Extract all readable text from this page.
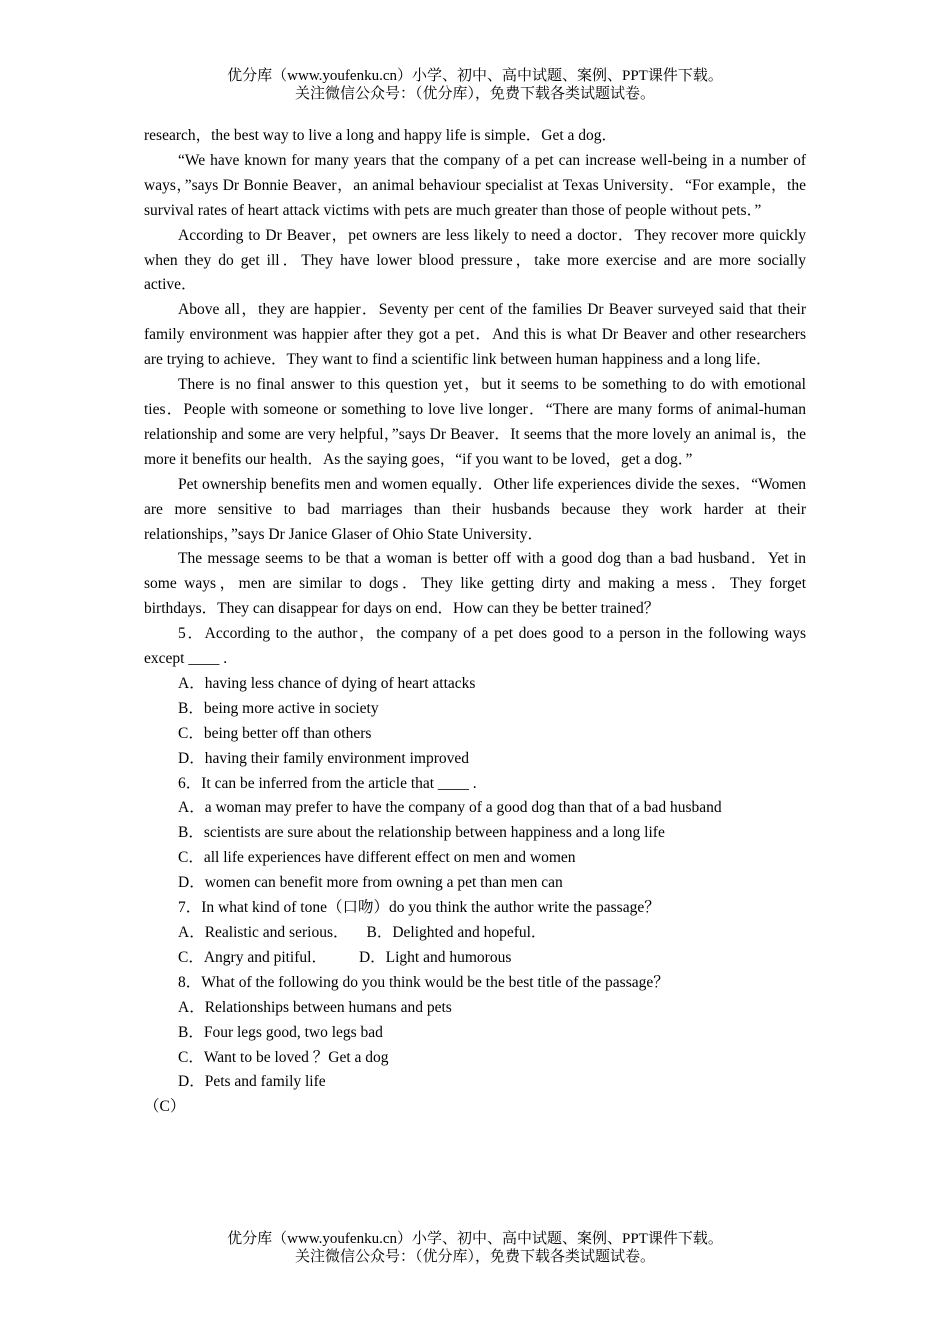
优分库（www.youfenku.cn）小学、初中、高中试题、案例、PPT课件下载。
关注微信公众号：（优分库），免费下载各类试题试卷。

research，the best way to live a long and happy life is simple．Get a dog．

“We have known for many years that the company of a pet can increase well-being in a number of ways，”says Dr Bonnie Beaver，an animal behaviour specialist at Texas University．“For example，the survival rates of heart attack victims with pets are much greater than those of people without pets．”

According to Dr Beaver，pet owners are less likely to need a doctor．They recover more quickly when they do get ill．They have lower blood pressure，take more exercise and are more socially active．

Above all，they are happier．Seventy per cent of the families Dr Beaver surveyed said that their family environment was happier after they got a pet．And this is what Dr Beaver and other researchers are trying to achieve．They want to find a scientific link between human happiness and a long life．

There is no final answer to this question yet，but it seems to be something to do with emotional ties．People with someone or something to love live longer．“There are many forms of animal-human relationship and some are very helpful，”says Dr Beaver．It seems that the more lovely an animal is，the more it benefits our health．As the saying goes，“if you want to be loved，get a dog．”

Pet ownership benefits men and women equally．Other life experiences divide the sexes．“Women are more sensitive to bad marriages than their husbands because they work harder at their relationships，”says Dr Janice Glaser of Ohio State University．

The message seems to be that a woman is better off with a good dog than a bad husband．Yet in some ways，men are similar to dogs．They like getting dirty and making a mess．They forget birthdays．They can disappear for days on end．How can they be better trained？

5．According to the author，the company of a pet does good to a person in the following ways except ____ .

A．having less chance of dying of heart attacks
B．being more active in society
C．being better off than others
D．having their family environment improved
6．It can be inferred from the article that ____ .
A．a woman may prefer to have the company of a good dog than that of a bad husband
B．scientists are sure about the relationship between happiness and a long life
C．all life experiences have different effect on men and women
D．women can benefit more from owning a pet than men can
7．In what kind of tone（口吻）do you think the author write the passage？
A．Realistic and serious． B．Delighted and hopeful．
C．Angry and pitiful． D．Light and humorous
8．What of the following do you think would be the best title of the passage？
A．Relationships between humans and pets
B．Four legs good, two legs bad
C．Want to be loved ？Get a dog
D．Pets and family life

（C）

优分库（www.youfenku.cn）小学、初中、高中试题、案例、PPT课件下载。
关注微信公众号：（优分库），免费下载各类试题试卷。
